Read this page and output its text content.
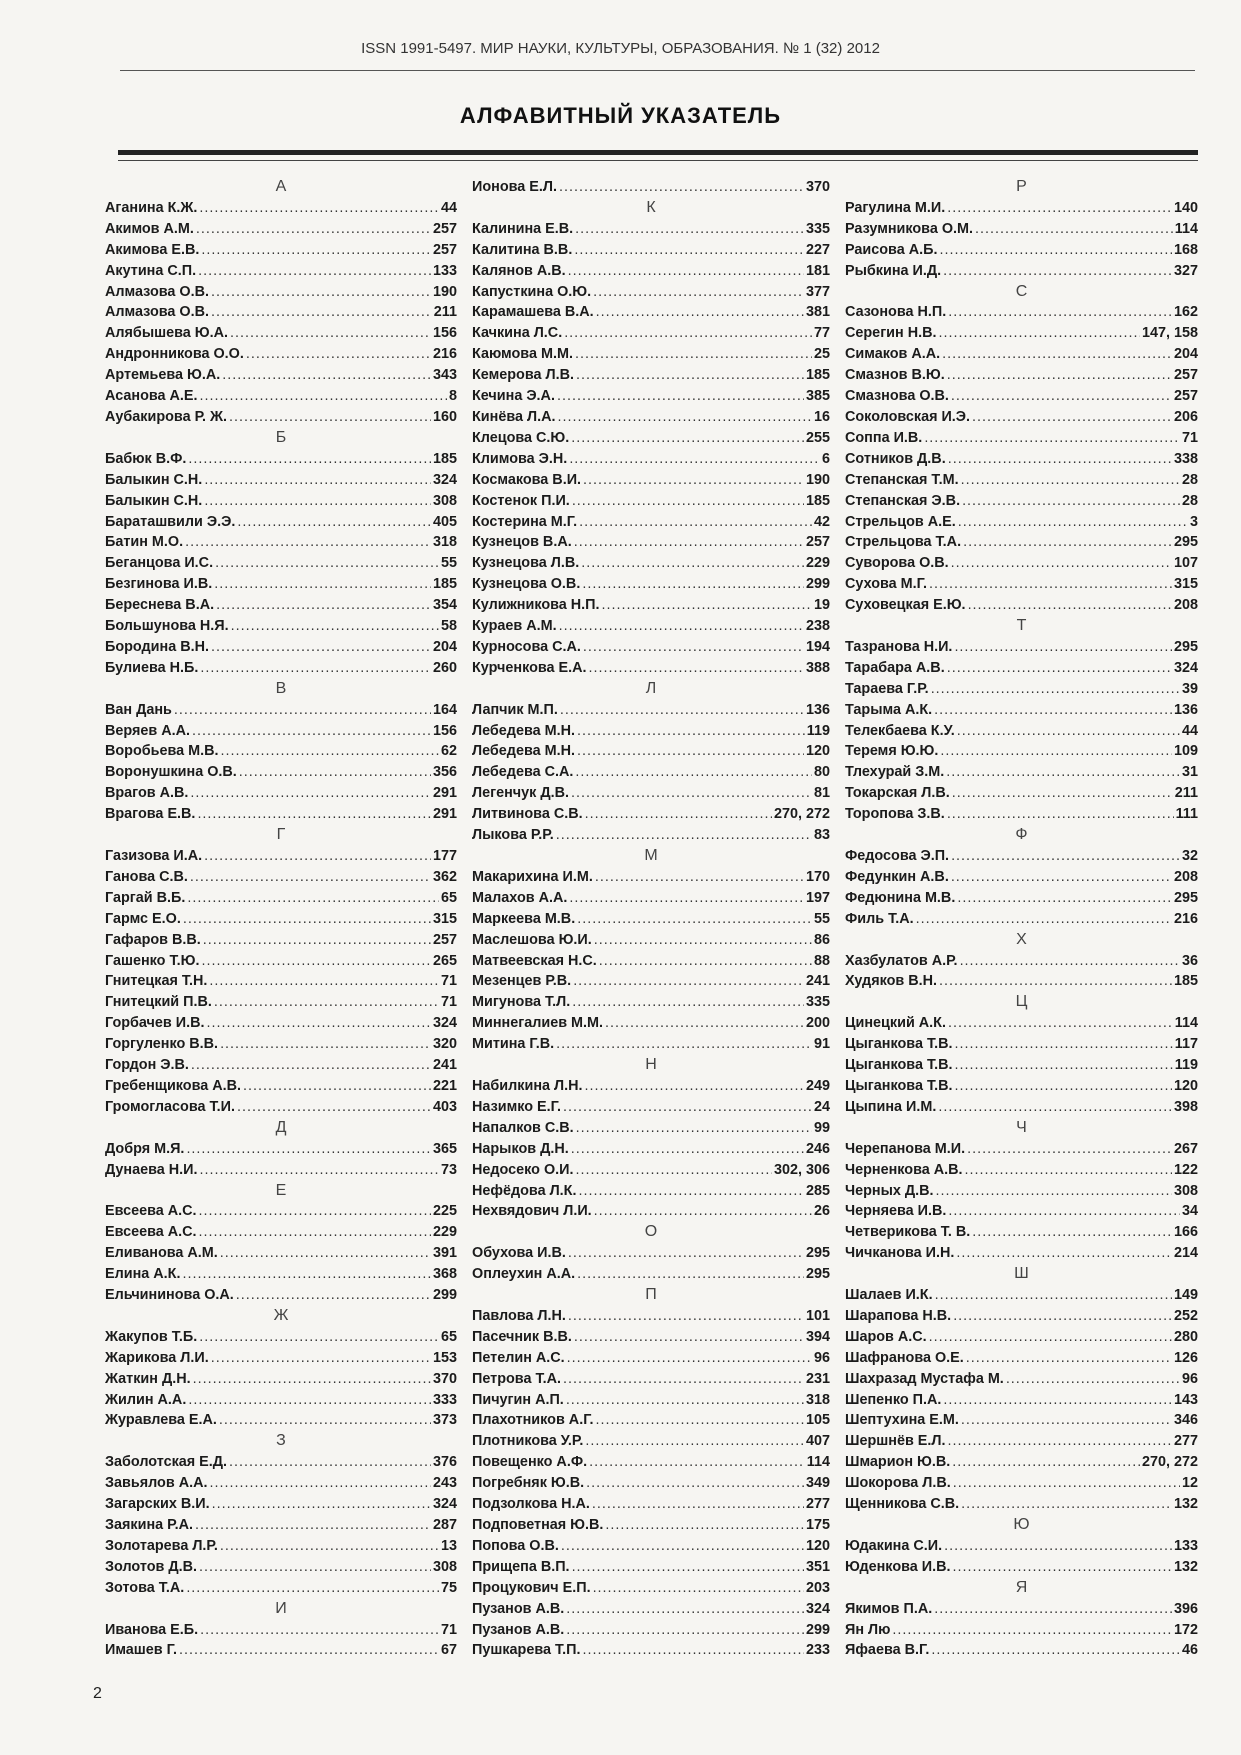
ISSN 1991-5497. МИР НАУКИ, КУЛЬТУРЫ, ОБРАЗОВАНИЯ. № 1 (32) 2012
АЛФАВИТНЫЙ УКАЗАТЕЛЬ
А
Аганина К.Ж. .....	44
Акимов А.М. .....	257
Акимова Е.В. .....	257
Акутина С.П. .....	133
Алмазова О.В. .....	190
Алмазова О.В. .....	211
Алябышева Ю.А. .....	156
Андронникова О.О. .....	216
Артемьева Ю.А. .....	343
Асанова А.Е. .....	8
Аубакирова Р. Ж. .....	160
Б
Бабюк В.Ф. .....	185
Балыкин С.Н. .....	324
Балыкин С.Н. .....	308
Бараташвили Э.Э. .....	405
Батин М.О. .....	318
Беганцова И.С. .....	55
Безгинова И.В. .....	185
Береснева В.А. .....	354
Большунова Н.Я. .....	58
Бородина В.Н. .....	204
Булиева Н.Б. .....	260
В
Ван Дань .....	164
Веряев А.А. .....	156
Воробьева М.В. .....	62
Воронушкина О.В. .....	356
Врагов А.В. .....	291
Врагова Е.В. .....	291
Г
Газизова И.А. .....	177
Ганова С.В. .....	362
Гаргай В.Б. .....	65
Гармс Е.О. .....	315
Гафаров В.В. .....	257
Гашенко Т.Ю. .....	265
Гнитецкая Т.Н. .....	71
Гнитецкий П.В. .....	71
Горбачев И.В. .....	324
Горгуленко В.В. .....	320
Гордон Э.В. .....	241
Гребенщикова А.В. .....	221
Громогласова Т.И. .....	403
Д
Добря М.Я. .....	365
Дунаева Н.И. .....	73
Е
Евсеева А.С. .....	225
Евсеева А.С. .....	229
Еливанова А.М. .....	391
Елина А.К. .....	368
Ельчининова О.А. .....	299
Ж
Жакупов Т.Б. .....	65
Жарикова Л.И. .....	153
Жаткин Д.Н. .....	370
Жилин А.А. .....	333
Журавлева Е.А. .....	373
З
Заболотская Е.Д. .....	376
Завьялов А.А. .....	243
Загарских В.И. .....	324
Заякина Р.А. .....	287
Золотарева Л.Р. .....	13
Золотов Д.В. .....	308
Зотова Т.А. .....	75
И
Иванова Е.Б. .....	71
Имашев Г. .....	67
Ионова Е.Л. .....	370
К
Калинина Е.В. .....	335
Калитина В.В. .....	227
Калянов А.В. .....	181
Капусткина О.Ю. .....	377
Карамашева В.А. .....	381
Качкина Л.С. .....	77
Каюмова М.М. .....	25
Кемерова Л.В. .....	185
Кечина Э.А. .....	385
Кинёва Л.А. .....	16
Клецова С.Ю. .....	255
Климова Э.Н. .....	6
Космакова В.И. .....	190
Костенок П.И. .....	185
Костерина М.Г. .....	42
Кузнецов В.А. .....	257
Кузнецова Л.В. .....	229
Кузнецова О.В. .....	299
Кулижникова Н.П. .....	19
Кураев А.М. .....	238
Курносова С.А. .....	194
Курченкова Е.А. .....	388
Л
Лапчик М.П. .....	136
Лебедева М.Н. .....	119
Лебедева М.Н. .....	120
Лебедева С.А. .....	80
Легенчук Д.В. .....	81
Литвинова С.В. .....	270, 272
Лыкова Р.Р. .....	83
М
Макарихина И.М. .....	170
Малахов А.А. .....	197
Маркеева М.В. .....	55
Маслешова Ю.И. .....	86
Матвеевская Н.С. .....	88
Мезенцев Р.В. .....	241
Мигунова Т.Л. .....	335
Миннегалиев М.М. .....	200
Митина Г.В. .....	91
Н
Набилкина Л.Н. .....	249
Назимко Е.Г. .....	24
Напалков С.В. .....	99
Нарыков Д.Н. .....	246
Недосеко О.И. .....	302, 306
Нефёдова Л.К. .....	285
Нехвядович Л.И. .....	26
О
Обухова И.В. .....	295
Оплеухин А.А. .....	295
П
Павлова Л.Н. .....	101
Пасечник В.В. .....	394
Петелин А.С. .....	96
Петрова Т.А. .....	231
Пичугин А.П. .....	318
Плахотников А.Г. .....	105
Плотникова У.Р. .....	407
Повещенко А.Ф. .....	114
Погребняк Ю.В. .....	349
Подзолкова Н.А. .....	277
Подповетная Ю.В. .....	175
Попова О.В. .....	120
Прищепа В.П. .....	351
Процукович Е.П. .....	203
Пузанов А.В. .....	324
Пузанов А.В. .....	299
Пушкарева Т.П. .....	233
Р
Рагулина М.И. .....	140
Разумникова О.М. .....	114
Раисова А.Б. .....	168
Рыбкина И.Д. .....	327
С
Сазонова Н.П. .....	162
Серегин Н.В. .....	147, 158
Симаков А.А. .....	204
Смазнов В.Ю. .....	257
Смазнова О.В. .....	257
Соколовская И.Э. .....	206
Соппа И.В. .....	71
Сотников Д.В. .....	338
Степанская Т.М. .....	28
Степанская Э.В. .....	28
Стрельцов А.Е. .....	3
Стрельцова Т.А. .....	295
Суворова О.В. .....	107
Сухова М.Г. .....	315
Суховецкая Е.Ю. .....	208
Т
Тазранова Н.И. .....	295
Тарабара А.В. .....	324
Тараева Г.Р. .....	39
Тарыма А.К. .....	136
Телекбаева К.У. .....	44
Теремя Ю.Ю. .....	109
Тлехурай З.М. .....	31
Токарская Л.В. .....	211
Торопова З.В. .....	111
Ф
Федосова Э.П. .....	32
Федункин А.В. .....	208
Федюнина М.В. .....	295
Филь Т.А. .....	216
Х
Хазбулатов А.Р. .....	36
Худяков В.Н. .....	185
Ц
Цинецкий А.К. .....	114
Цыганкова Т.В. .....	117
Цыганкова Т.В. .....	119
Цыганкова Т.В. .....	120
Цыпина И.М. .....	398
Ч
Черепанова М.И. .....	267
Черненкова А.В. .....	122
Черных Д.В. .....	308
Черняева И.В. .....	34
Четверикова Т. В. .....	166
Чичканова И.Н. .....	214
Ш
Шалаев И.К. .....	149
Шарапова Н.В. .....	252
Шаров А.С. .....	280
Шафранова О.Е. .....	126
Шахразад Мустафа М. .....	96
Шепенко П.А. .....	143
Шептухина Е.М. .....	346
Шершнёв Е.Л. .....	277
Шмарион Ю.В. .....	270, 272
Шокорова Л.В. .....	12
Щенникова С.В. .....	132
Ю
Юдакина С.И. .....	133
Юденкова И.В. .....	132
Я
Якимов П.А. .....	396
Ян Лю .....	172
Яфаева В.Г. .....	46
2
